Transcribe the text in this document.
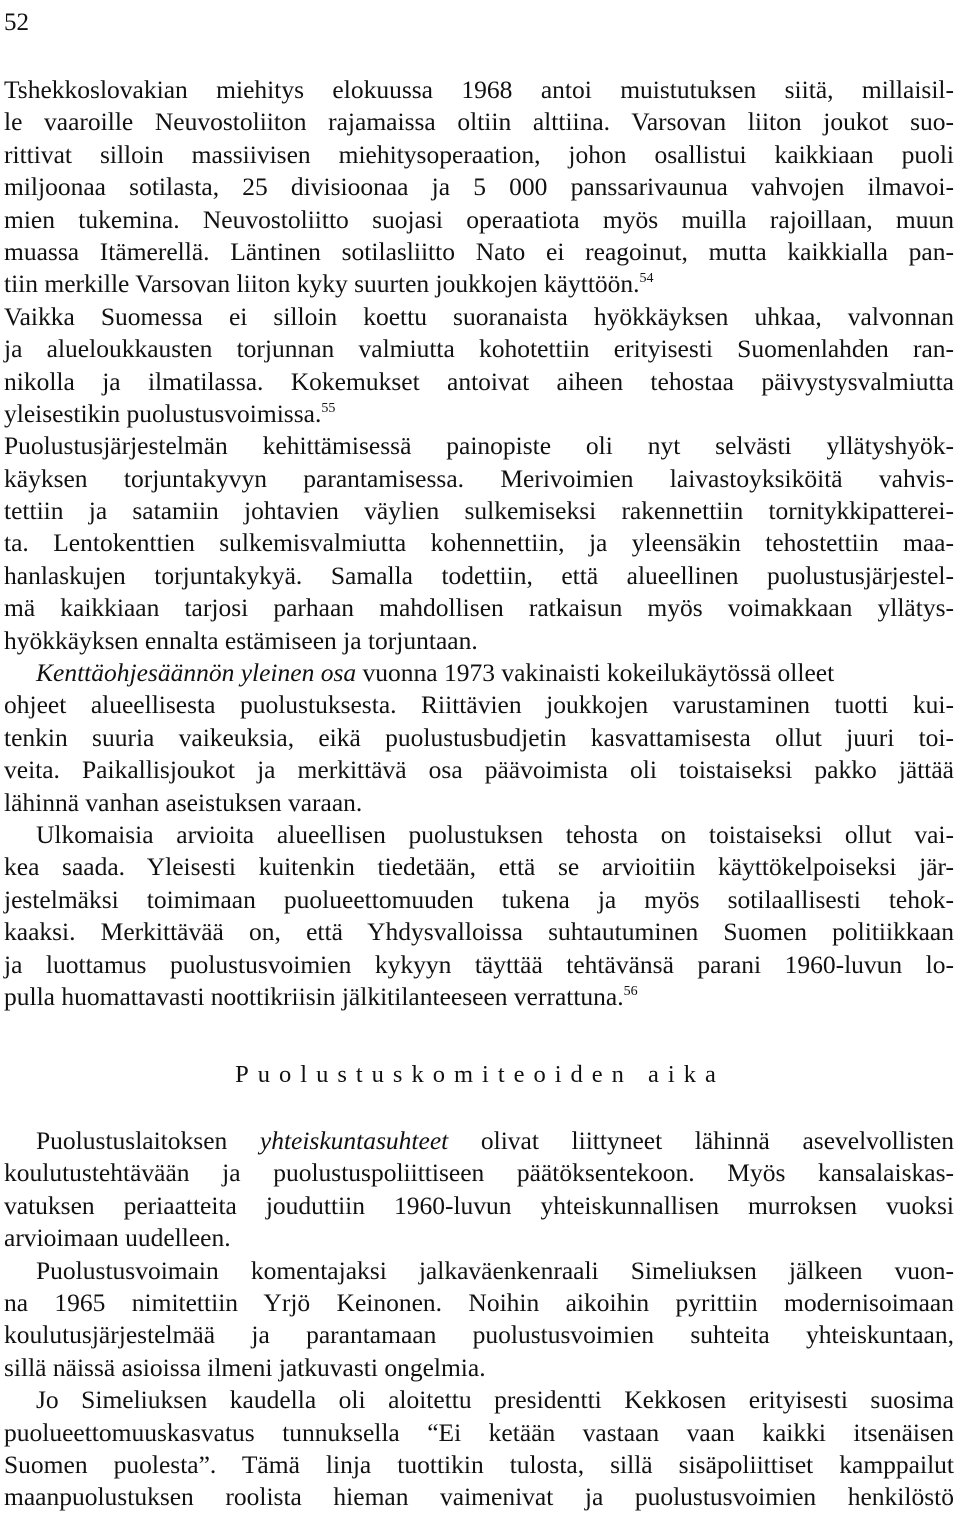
52
Tshekkoslovakian miehitys elokuussa 1968 antoi muistutuksen siitä, millaisil-
le vaaroille Neuvostoliiton rajamaissa oltiin alttiina. Varsovan liiton joukot suo-
rittivat silloin massiivisen miehitysoperaation, johon osallistui kaikkiaan puoli
miljoonaa sotilasta, 25 divisioonaa ja 5 000 panssarivaunua vahvojen ilmavoi-
mien tukemina. Neuvostoliitto suojasi operaatiota myös muilla rajoillaan, muun
muassa Itämerellä. Läntinen sotilasliitto Nato ei reagoinut, mutta kaikkialla pan-
tiin merkille Varsovan liiton kyky suurten joukkojen käyttöön.$^{54}$
Vaikka Suomessa ei silloin koettu suoranaista hyökkäyksen uhkaa, valvonnan
ja alueloukkausten torjunnan valmiutta kohotettiin erityisesti Suomenlahden ran-
nikolla ja ilmatilassa. Kokemukset antoivat aiheen tehostaa päivystysvalmiutta
yleisestikin puolustusvoimissa.$^{55}$
Puolustusjärjestelmän kehittämisessä painopiste oli nyt selvästi yllätyshyök-
käyksen torjuntakyvyn parantamisessa. Merivoimien laivastoyksiköitä vahvis-
tettiin ja satamiin johtavien väylien sulkemiseksi rakennettiin tornitykkipatterei-
ta. Lentokenttien sulkemisvalmiutta kohennettiin, ja yleensäkin tehostettiin maa-
hanlaskujen torjuntakykyä. Samalla todettiin, että alueellinen puolustusjärjestel-
mä kaikkiaan tarjosi parhaan mahdollisen ratkaisun myös voimakkaan yllätys-
hyökkäyksen ennalta estämiseen ja torjuntaan.
Kenttäohjesäännön yleinen osa vuonna 1973 vakinaisti kokeilukäytössä olleet
ohjeet alueellisesta puolustuksesta. Riittävien joukkojen varustaminen tuotti kui-
tenkin suuria vaikeuksia, eikä puolustusbudjetin kasvattamisesta ollut juuri toi-
veita. Paikallisjoukot ja merkittävä osa päävoimista oli toistaiseksi pakko jättää
lähinnä vanhan aseistuksen varaan.
Ulkomaisia arvioita alueellisen puolustuksen tehosta on toistaiseksi ollut vai-
kea saada. Yleisesti kuitenkin tiedetään, että se arvioitiin käyttökelpoiseksi jär-
jestelmäksi toimimaan puolueettomuuden tukena ja myös sotilaallisesti tehok-
kaaksi. Merkittävää on, että Yhdysvalloissa suhtautuminen Suomen politiikkaan
ja luottamus puolustusvoimien kykyyn täyttää tehtävänsä parani 1960-luvun lo-
pulla huomattavasti noottikriisin jälkitilanteeseen verrattuna.$^{56}$
Puolustuskomiteoiden aika
Puolustuslaitoksen yhteiskuntasuhteet olivat liittyneet lähinnä asevelvollisten
koulutustehtävään ja puolustuspoliittiseen päätöksentekoon. Myös kansalaiskas-
vatuksen periaatteita jouduttiin 1960-luvun yhteiskunnallisen murroksen vuoksi
arvioimaan uudelleen.
Puolustusvoimain komentajaksi jalkaväenkenraali Simeliuksen jälkeen vuon-
na 1965 nimitettiin Yrjö Keinonen. Noihin aikoihin pyrittiin modernisoimaan
koulutusjärjestelmää ja parantamaan puolustusvoimien suhteita yhteiskuntaan,
sillä näissä asioissa ilmeni jatkuvasti ongelmia.
Jo Simeliuksen kaudella oli aloitettu presidentti Kekkosen erityisesti suosima
puolueettomuuskasvatus tunnuksella “Ei ketään vastaan vaan kaikki itsenäisen
Suomen puolesta”. Tämä linja tuottikin tulosta, sillä sisäpoliittiset kamppailut
maanpuolustuksen roolista hieman vaimenivat ja puolustusvoimien henkilöstö
